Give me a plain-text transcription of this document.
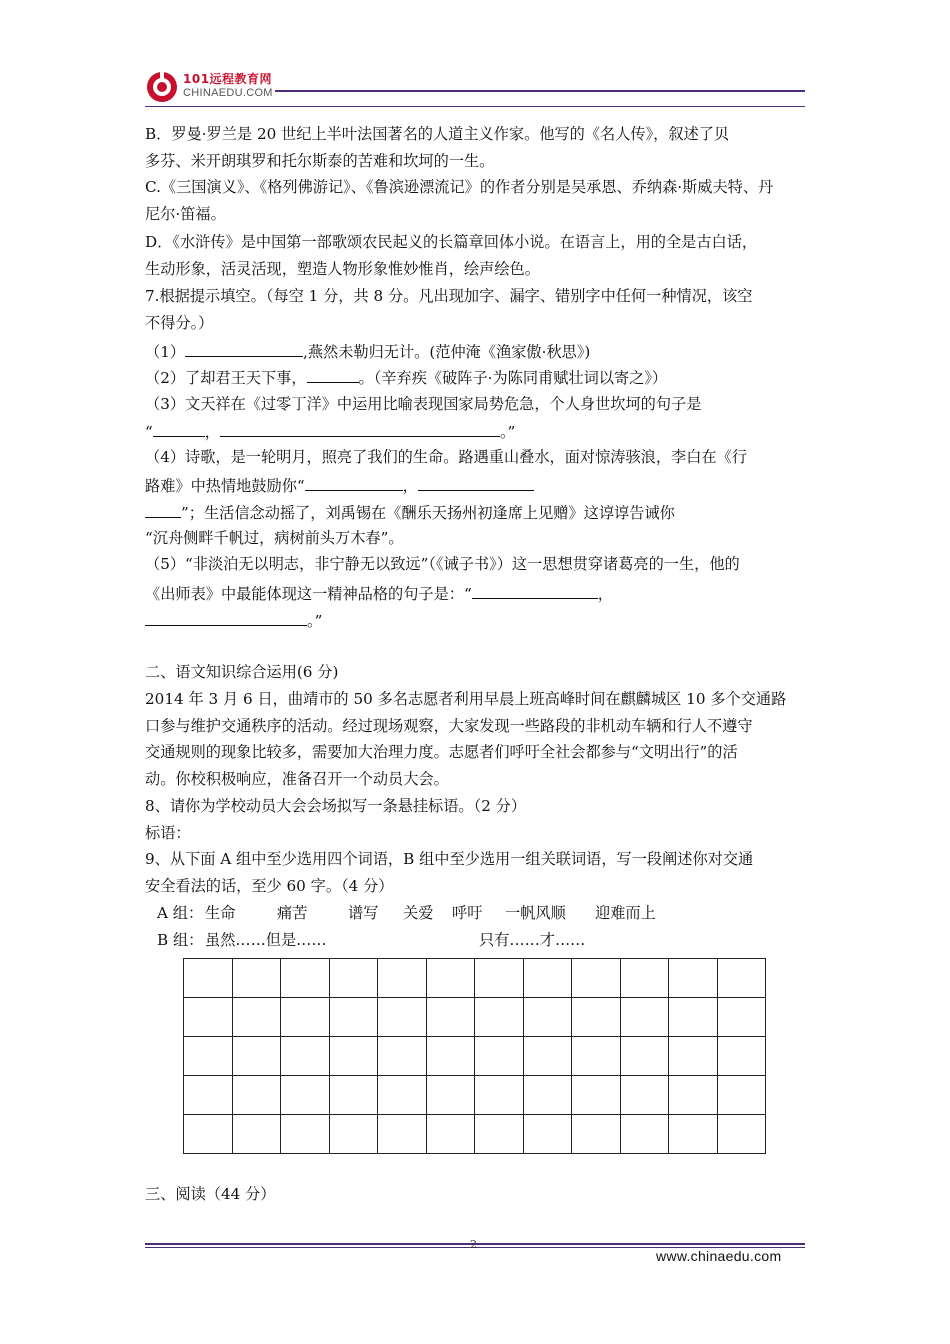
101远程教育网
CHINAEDU.COM
B．罗曼·罗兰是 20 世纪上半叶法国著名的人道主义作家。他写的《名人传》，叙述了贝
多芬、米开朗琪罗和托尔斯泰的苦难和坎坷的一生。
C.《三国演义》、《格列佛游记》、《鲁滨逊漂流记》的作者分别是吴承恩、乔纳森·斯威夫特、丹
尼尔·笛福。
D．《水浒传》是中国第一部歌颂农民起义的长篇章回体小说。在语言上，用的全是古白话，
生动形象，活灵活现，塑造人物形象惟妙惟肖，绘声绘色。
7.根据提示填空。（每空 1 分，共 8 分。凡出现加字、漏字、错别字中任何一种情况，该空
不得分。）
（1）	,燕然未勒归无计。(范仲淹《渔家傲·秋思》)
（2）了却君王天下事，	。（辛弃疾《破阵子·为陈同甫赋壮词以寄之》）
（3）文天祥在《过零丁洋》中运用比喻表现国家局势危急，个人身世坎坷的句子是
“	，	。”
（4）诗歌，是一轮明月，照亮了我们的生命。路遇重山叠水，面对惊涛骇浪，李白在《行
路难》中热情地鼓励你“	，
”；生活信念动摇了，刘禹锡在《酬乐天扬州初逢席上见赠》这谆谆告诫你
“沉舟侧畔千帆过，病树前头万木春”。
（5）“非淡泊无以明志，非宁静无以致远”（《诫子书》）这一思想贯穿诸葛亮的一生，他的
《出师表》中最能体现这一精神品格的句子是：“	，
。”
二、语文知识综合运用(6 分)
2014 年 3 月 6 日，曲靖市的 50 多名志愿者利用早晨上班高峰时间在麒麟城区 10 多个交通路
口参与维护交通秩序的活动。经过现场观察，大家发现一些路段的非机动车辆和行人不遵守
交通规则的现象比较多，需要加大治理力度。志愿者们呼吁全社会都参与“文明出行”的活
动。你校积极响应，准备召开一个动员大会。
8、请你为学校动员大会会场拟写一条悬挂标语。（2 分）
标语：
9、从下面 A 组中至少选用四个词语，B 组中至少选用一组关联词语，写一段阐述你对交通
安全看法的话，至少 60 字。（4 分）
A 组： 生命	痛苦	谱写 关爱 呼吁 一帆风顺 迎难而上
B 组： 虽然……但是……	只有……才……
三、阅读（44 分）
2
www.chinaedu.com
